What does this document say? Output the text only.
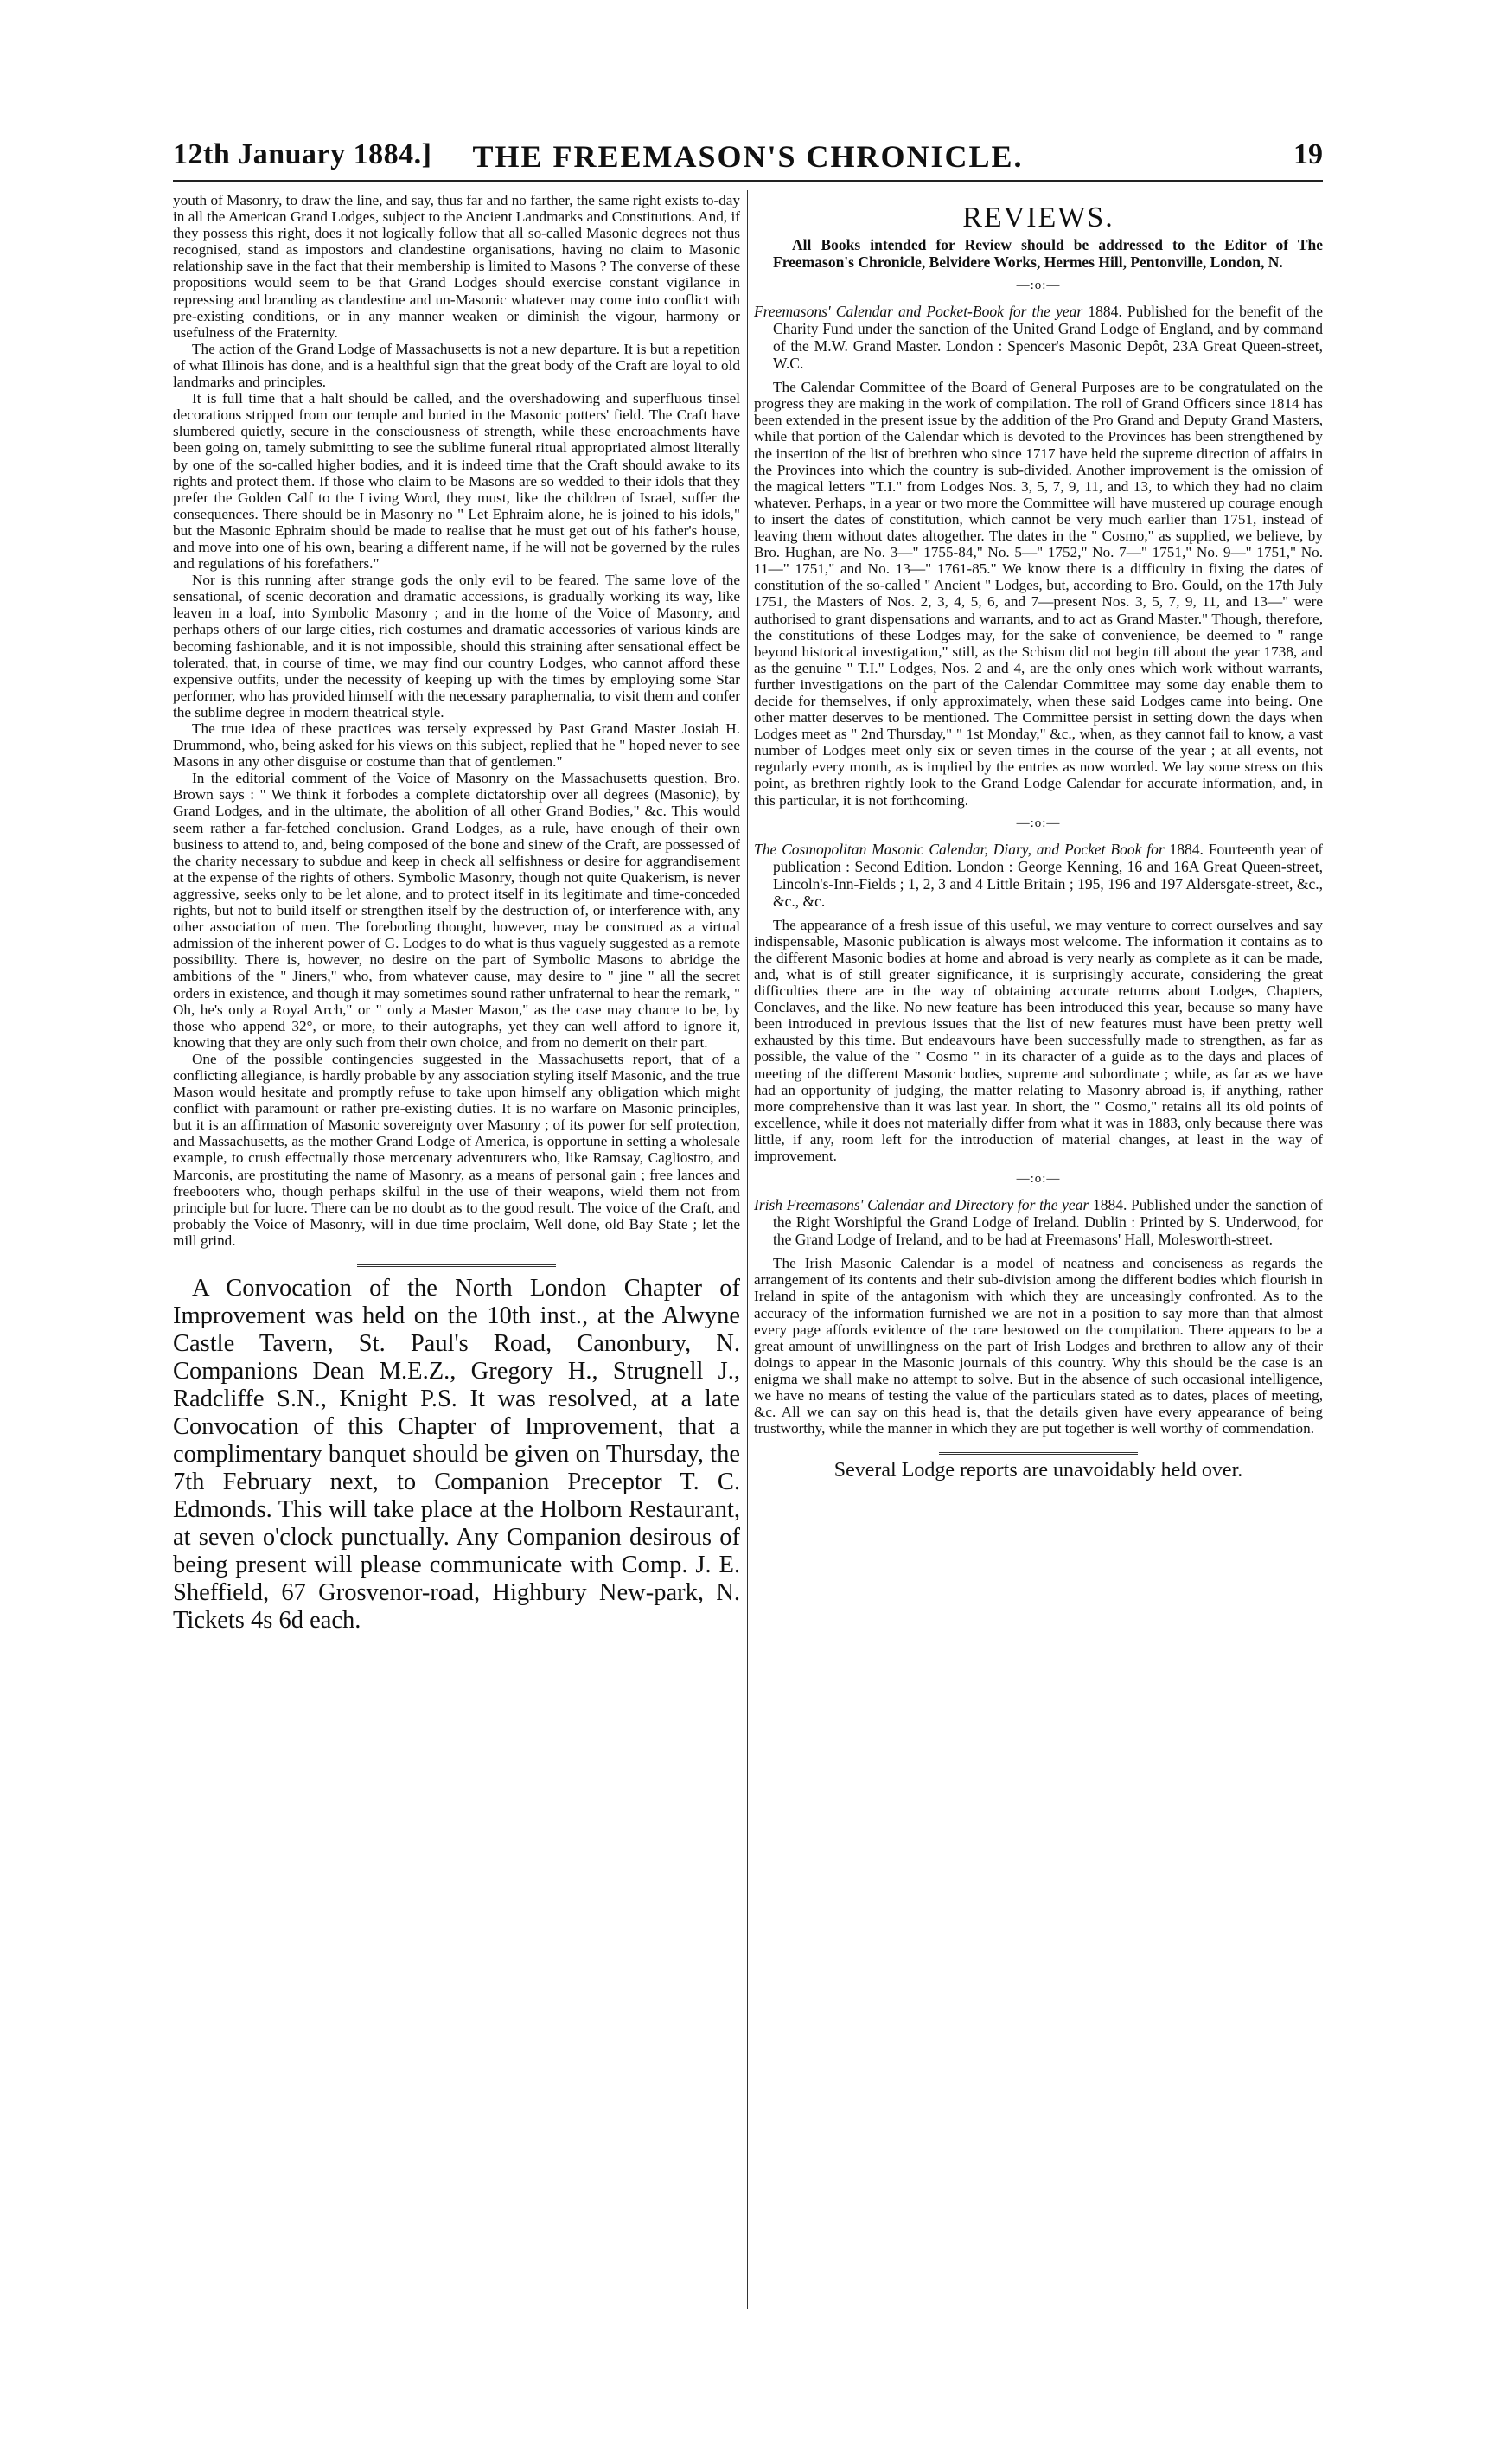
12th January 1884.]	THE FREEMASON'S CHRONICLE.	19

youth of Masonry, to draw the line, and say, thus far and no farther, the same right exists to-day in all the American Grand Lodges, subject to the Ancient Landmarks and Constitutions. And, if they possess this right, does it not logically follow that all so-called Masonic degrees not thus recognised, stand as impostors and clandestine organisations, having no claim to Masonic relationship save in the fact that their membership is limited to Masons ? The converse of these propositions would seem to be that Grand Lodges should exercise constant vigilance in repressing and branding as clandestine and un-Masonic whatever may come into conflict with pre-existing conditions, or in any manner weaken or diminish the vigour, harmony or usefulness of the Fraternity.

The action of the Grand Lodge of Massachusetts is not a new departure. It is but a repetition of what Illinois has done, and is a healthful sign that the great body of the Craft are loyal to old landmarks and principles.

It is full time that a halt should be called, and the overshadowing and superfluous tinsel decorations stripped from our temple and buried in the Masonic potters' field. The Craft have slumbered quietly, secure in the consciousness of strength, while these encroachments have been going on, tamely submitting to see the sublime funeral ritual appropriated almost literally by one of the so-called higher bodies, and it is indeed time that the Craft should awake to its rights and protect them. If those who claim to be Masons are so wedded to their idols that they prefer the Golden Calf to the Living Word, they must, like the children of Israel, suffer the consequences. There should be in Masonry no " Let Ephraim alone, he is joined to his idols," but the Masonic Ephraim should be made to realise that he must get out of his father's house, and move into one of his own, bearing a different name, if he will not be governed by the rules and regulations of his forefathers."

Nor is this running after strange gods the only evil to be feared. The same love of the sensational, of scenic decoration and dramatic accessions, is gradually working its way, like leaven in a loaf, into Symbolic Masonry ; and in the home of the Voice of Masonry, and perhaps others of our large cities, rich costumes and dramatic accessories of various kinds are becoming fashionable, and it is not impossible, should this straining after sensational effect be tolerated, that, in course of time, we may find our country Lodges, who cannot afford these expensive outfits, under the necessity of keeping up with the times by employing some Star performer, who has provided himself with the necessary paraphernalia, to visit them and confer the sublime degree in modern theatrical style.

The true idea of these practices was tersely expressed by Past Grand Master Josiah H. Drummond, who, being asked for his views on this subject, replied that he " hoped never to see Masons in any other disguise or costume than that of gentlemen."

In the editorial comment of the Voice of Masonry on the Massachusetts question, Bro. Brown says : " We think it forbodes a complete dictatorship over all degrees (Masonic), by Grand Lodges, and in the ultimate, the abolition of all other Grand Bodies," &c. This would seem rather a far-fetched conclusion. Grand Lodges, as a rule, have enough of their own business to attend to, and, being composed of the bone and sinew of the Craft, are possessed of the charity necessary to subdue and keep in check all selfishness or desire for aggrandisement at the expense of the rights of others. Symbolic Masonry, though not quite Quakerism, is never aggressive, seeks only to be let alone, and to protect itself in its legitimate and time-conceded rights, but not to build itself or strengthen itself by the destruction of, or interference with, any other association of men. The foreboding thought, however, may be construed as a virtual admission of the inherent power of G. Lodges to do what is thus vaguely suggested as a remote possibility. There is, however, no desire on the part of Symbolic Masons to abridge the ambitions of the " Jiners," who, from whatever cause, may desire to " jine " all the secret orders in existence, and though it may sometimes sound rather unfraternal to hear the remark, " Oh, he's only a Royal Arch," or " only a Master Mason," as the case may chance to be, by those who append 32°, or more, to their autographs, yet they can well afford to ignore it, knowing that they are only such from their own choice, and from no demerit on their part.

One of the possible contingencies suggested in the Massachusetts report, that of a conflicting allegiance, is hardly probable by any association styling itself Masonic, and the true Mason would hesitate and promptly refuse to take upon himself any obligation which might conflict with paramount or rather pre-existing duties. It is no warfare on Masonic principles, but it is an affirmation of Masonic sovereignty over Masonry ; of its power for self protection, and Massachusetts, as the mother Grand Lodge of America, is opportune in setting a wholesale example, to crush effectually those mercenary adventurers who, like Ramsay, Cagliostro, and Marconis, are prostituting the name of Masonry, as a means of personal gain ; free lances and freebooters who, though perhaps skilful in the use of their weapons, wield them not from principle but for lucre. There can be no doubt as to the good result. The voice of the Craft, and probably the Voice of Masonry, will in due time proclaim, Well done, old Bay State ; let the mill grind.

A Convocation of the North London Chapter of Improvement was held on the 10th inst., at the Alwyne Castle Tavern, St. Paul's Road, Canonbury, N. Companions Dean M.E.Z., Gregory H., Strugnell J., Radcliffe S.N., Knight P.S. It was resolved, at a late Convocation of this Chapter of Improvement, that a complimentary banquet should be given on Thursday, the 7th February next, to Companion Preceptor T. C. Edmonds. This will take place at the Holborn Restaurant, at seven o'clock punctually. Any Companion desirous of being present will please communicate with Comp. J. E. Sheffield, 67 Grosvenor-road, Highbury New-park, N. Tickets 4s 6d each.

REVIEWS.

All Books intended for Review should be addressed to the Editor of The Freemason's Chronicle, Belvidere Works, Hermes Hill, Pentonville, London, N.

—:o:—

Freemasons' Calendar and Pocket-Book for the year 1884. Published for the benefit of the Charity Fund under the sanction of the United Grand Lodge of England, and by command of the M.W. Grand Master. London : Spencer's Masonic Depôt, 23A Great Queen-street, W.C.

The Calendar Committee of the Board of General Purposes are to be congratulated on the progress they are making in the work of compilation. The roll of Grand Officers since 1814 has been extended in the present issue by the addition of the Pro Grand and Deputy Grand Masters, while that portion of the Calendar which is devoted to the Provinces has been strengthened by the insertion of the list of brethren who since 1717 have held the supreme direction of affairs in the Provinces into which the country is sub-divided. Another improvement is the omission of the magical letters "T.I." from Lodges Nos. 3, 5, 7, 9, 11, and 13, to which they had no claim whatever. Perhaps, in a year or two more the Committee will have mustered up courage enough to insert the dates of constitution, which cannot be very much earlier than 1751, instead of leaving them without dates altogether. The dates in the " Cosmo," as supplied, we believe, by Bro. Hughan, are No. 3—" 1755-84," No. 5—" 1752," No. 7—" 1751," No. 9—" 1751," No. 11—" 1751," and No. 13—" 1761-85." We know there is a difficulty in fixing the dates of constitution of the so-called " Ancient " Lodges, but, according to Bro. Gould, on the 17th July 1751, the Masters of Nos. 2, 3, 4, 5, 6, and 7—present Nos. 3, 5, 7, 9, 11, and 13—" were authorised to grant dispensations and warrants, and to act as Grand Master." Though, therefore, the constitutions of these Lodges may, for the sake of convenience, be deemed to " range beyond historical investigation," still, as the Schism did not begin till about the year 1738, and as the genuine " T.I." Lodges, Nos. 2 and 4, are the only ones which work without warrants, further investigations on the part of the Calendar Committee may some day enable them to decide for themselves, if only approximately, when these said Lodges came into being. One other matter deserves to be mentioned. The Committee persist in setting down the days when Lodges meet as " 2nd Thursday," " 1st Monday," &c., when, as they cannot fail to know, a vast number of Lodges meet only six or seven times in the course of the year ; at all events, not regularly every month, as is implied by the entries as now worded. We lay some stress on this point, as brethren rightly look to the Grand Lodge Calendar for accurate information, and, in this particular, it is not forthcoming.

—:o:—

The Cosmopolitan Masonic Calendar, Diary, and Pocket Book for 1884. Fourteenth year of publication : Second Edition. London : George Kenning, 16 and 16A Great Queen-street, Lincoln's-Inn-Fields ; 1, 2, 3 and 4 Little Britain ; 195, 196 and 197 Aldersgate-street, &c., &c., &c.

The appearance of a fresh issue of this useful, we may venture to correct ourselves and say indispensable, Masonic publication is always most welcome. The information it contains as to the different Masonic bodies at home and abroad is very nearly as complete as it can be made, and, what is of still greater significance, it is surprisingly accurate, considering the great difficulties there are in the way of obtaining accurate returns about Lodges, Chapters, Conclaves, and the like. No new feature has been introduced this year, because so many have been introduced in previous issues that the list of new features must have been pretty well exhausted by this time. But endeavours have been successfully made to strengthen, as far as possible, the value of the " Cosmo " in its character of a guide as to the days and places of meeting of the different Masonic bodies, supreme and subordinate ; while, as far as we have had an opportunity of judging, the matter relating to Masonry abroad is, if anything, rather more comprehensive than it was last year. In short, the " Cosmo," retains all its old points of excellence, while it does not materially differ from what it was in 1883, only because there was little, if any, room left for the introduction of material changes, at least in the way of improvement.

—:o:—

Irish Freemasons' Calendar and Directory for the year 1884. Published under the sanction of the Right Worshipful the Grand Lodge of Ireland. Dublin : Printed by S. Underwood, for the Grand Lodge of Ireland, and to be had at Freemasons' Hall, Molesworth-street.

The Irish Masonic Calendar is a model of neatness and conciseness as regards the arrangement of its contents and their sub-division among the different bodies which flourish in Ireland in spite of the antagonism with which they are unceasingly confronted. As to the accuracy of the information furnished we are not in a position to say more than that almost every page affords evidence of the care bestowed on the compilation. There appears to be a great amount of unwillingness on the part of Irish Lodges and brethren to allow any of their doings to appear in the Masonic journals of this country. Why this should be the case is an enigma we shall make no attempt to solve. But in the absence of such occasional intelligence, we have no means of testing the value of the particulars stated as to dates, places of meeting, &c. All we can say on this head is, that the details given have every appearance of being trustworthy, while the manner in which they are put together is well worthy of commendation.

Several Lodge reports are unavoidably held over.
